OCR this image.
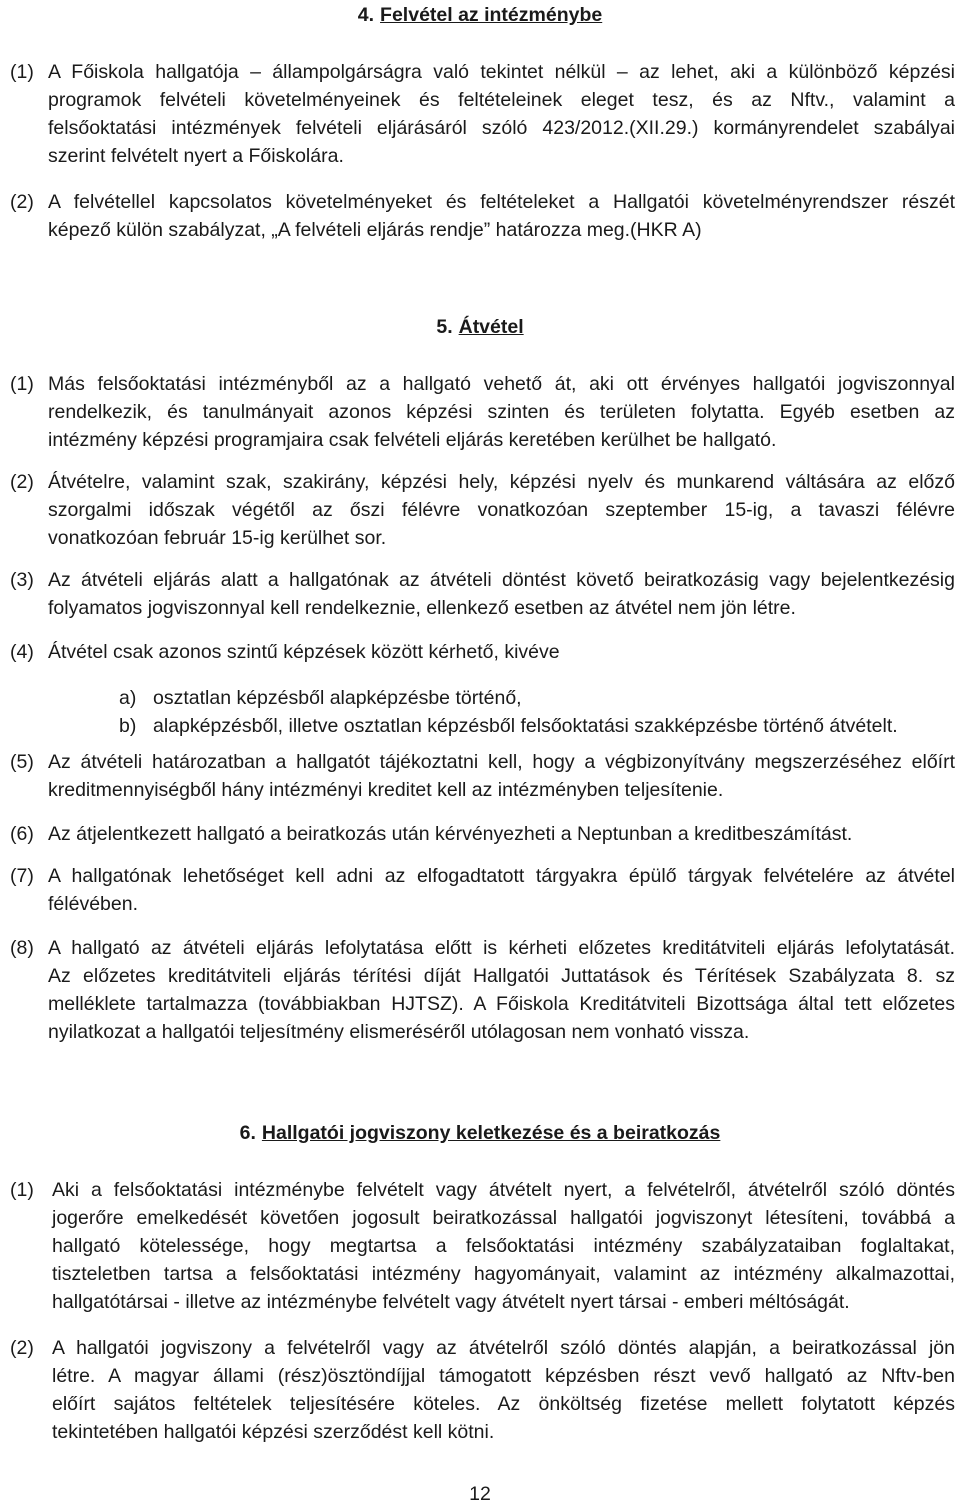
4. Felvétel az intézménybe
(1) A Főiskola hallgatója – állampolgárságra való tekintet nélkül – az lehet, aki a különböző képzési
programok felvételi követelményeinek és feltételeinek eleget tesz, és az Nftv., valamint a
felsőoktatási intézmények felvételi eljárásáról szóló 423/2012.(XII.29.) kormányrendelet szabályai
szerint felvételt nyert a Főiskolára.
(2) A felvétellel kapcsolatos követelményeket és feltételeket a Hallgatói követelményrendszer részét
képező külön szabályzat, „A felvételi eljárás rendje” határozza meg.(HKR A)
5. Átvétel
(1) Más felsőoktatási intézményből az a hallgató vehető át, aki ott érvényes hallgatói jogviszonnyal
rendelkezik, és tanulmányait azonos képzési szinten és területen folytatta. Egyéb esetben az
intézmény képzési programjaira csak felvételi eljárás keretében kerülhet be hallgató.
(2) Átvételre, valamint szak, szakirány, képzési hely, képzési nyelv és munkarend váltására az előző
szorgalmi időszak végétől az őszi félévre vonatkozóan szeptember 15-ig, a tavaszi félévre
vonatkozóan február 15-ig kerülhet sor.
(3) Az átvételi eljárás alatt a hallgatónak az átvételi döntést követő beiratkozásig vagy bejelentkezésig
folyamatos jogviszonnyal kell rendelkeznie, ellenkező esetben az átvétel nem jön létre.
(4) Átvétel csak azonos szintű képzések között kérhető, kivéve
a) osztatlan képzésből alapképzésbe történő,
b) alapképzésből, illetve osztatlan képzésből felsőoktatási szakképzésbe történő átvételt.
(5) Az átvételi határozatban a hallgatót tájékoztatni kell, hogy a végbizonyítvány megszerzéséhez előírt
kreditmennyiségből hány intézményi kreditet kell az intézményben teljesítenie.
(6) Az átjelentkezett hallgató a beiratkozás után kérvényezheti a Neptunban a kreditbeszámítást.
(7) A hallgatónak lehetőséget kell adni az elfogadtatott tárgyakra épülő tárgyak felvételére az átvétel
félévében.
(8) A hallgató az átvételi eljárás lefolytatása előtt is kérheti előzetes kreditátviteli eljárás lefolytatását.
Az előzetes kreditátviteli eljárás térítési díját Hallgatói Juttatások és Térítések Szabályzata 8. sz
melléklete tartalmazza (továbbiakban HJTSZ). A Főiskola Kreditátviteli Bizottsága által tett előzetes
nyilatkozat a hallgatói teljesítmény elismeréséről utólagosan nem vonható vissza.
6. Hallgatói jogviszony keletkezése és a beiratkozás
(1) Aki a felsőoktatási intézménybe felvételt vagy átvételt nyert, a felvételről, átvételről szóló döntés
jogerőre emelkedését követően jogosult beiratkozással hallgatói jogviszonyt létesíteni, továbbá a
hallgató kötelessége, hogy megtartsa a felsőoktatási intézmény szabályzataiban foglaltakat,
tiszteletben tartsa a felsőoktatási intézmény hagyományait, valamint az intézmény alkalmazottai,
hallgatótársai - illetve az intézménybe felvételt vagy átvételt nyert társai - emberi méltóságát.
(2) A hallgatói jogviszony a felvételről vagy az átvételről szóló döntés alapján, a beiratkozással jön
létre. A magyar állami (rész)ösztöndíjjal támogatott képzésben részt vevő hallgató az Nftv-ben
előírt sajátos feltételek teljesítésére köteles. Az önköltség fizetése mellett folytatott képzés
tekintetében hallgatói képzési szerződést kell kötni.
12
